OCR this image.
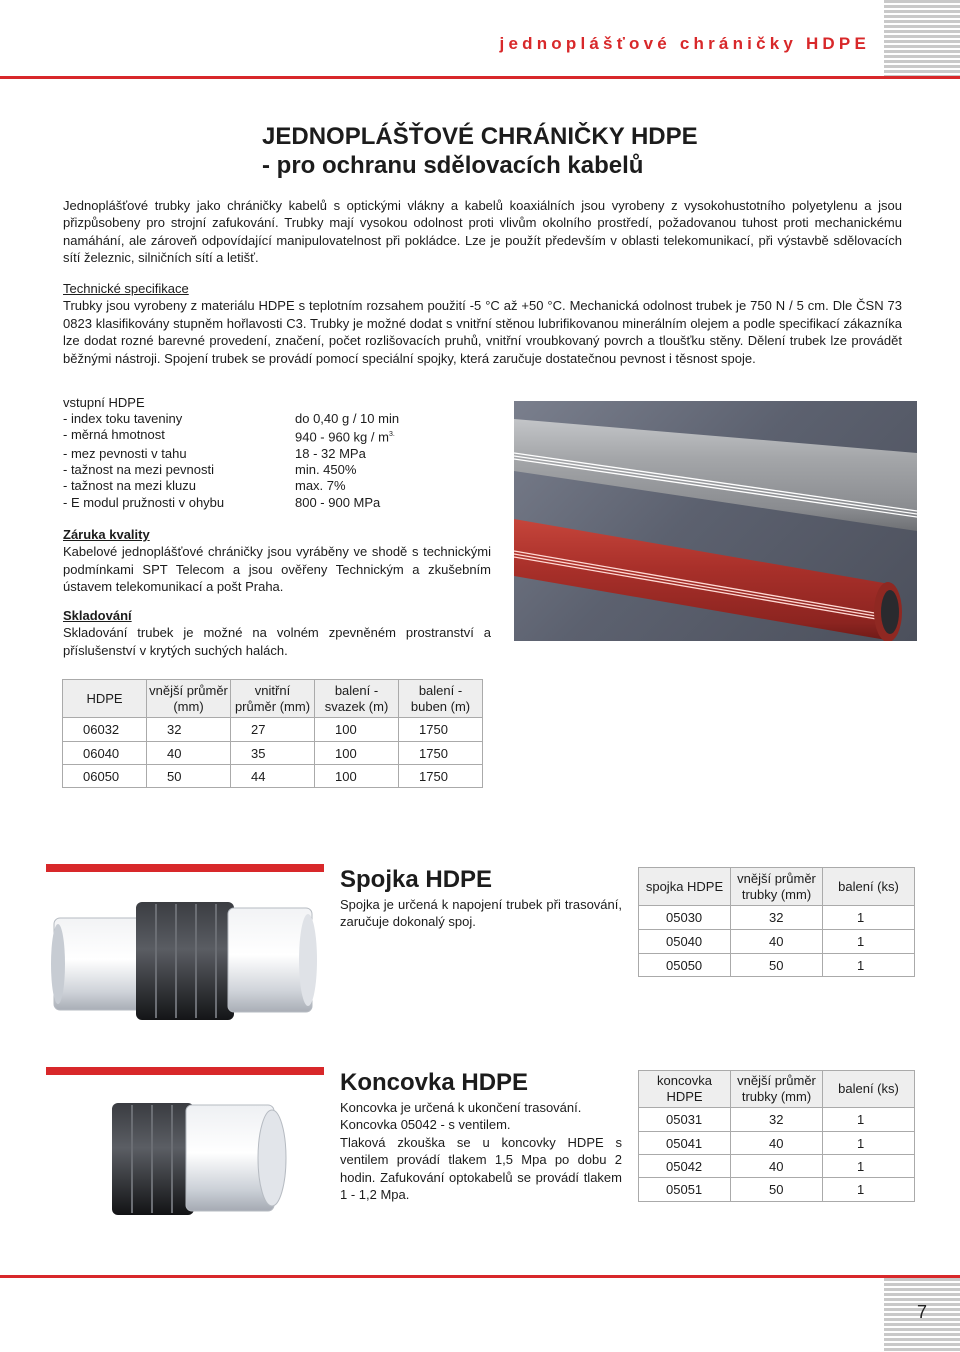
jednoplášťové chráničky HDPE
JEDNOPLÁŠŤOVÉ CHRÁNIČKY HDPE
- pro ochranu sdělovacích kabelů
Jednoplášťové trubky jako chráničky kabelů s optickými vlákny a kabelů koaxiálních jsou vyrobeny z vysokohustotního polyetylenu a jsou přizpůsobeny pro strojní zafukování. Trubky mají vysokou odolnost proti vlivům okolního prostředí, požadovanou tuhost proti mechanickému namáhání, ale zároveň odpovídající manipulovatelnost při pokládce. Lze je použít především v oblasti telekomunikací, při výstavbě sdělovacích sítí železnic, silničních sítí a letišť.
Technické specifikace
Trubky jsou vyrobeny z materiálu HDPE s teplotním rozsahem použití -5 °C až +50 °C. Mechanická odolnost trubek je 750 N / 5 cm. Dle ČSN 73 0823 klasifikovány stupněm hořlavosti C3. Trubky je možné dodat s vnitřní stěnou lubrifikovanou minerálním olejem a podle specifikací zákazníka lze dodat rozné barevné provedení, značení, počet rozlišovacích pruhů, vnitřní vroubkovaný povrch a tloušťku stěny. Dělení trubek lze provádět běžnými nástroji. Spojení trubek se provádí pomocí speciální spojky, která zaručuje dostatečnou pevnost i těsnost spoje.
vstupní HDPE
- index toku taveniny	do 0,40 g / 10 min
- měrná hmotnost	940 - 960 kg / $m^{3.}$
- mez pevnosti v tahu	18 - 32 MPa
- tažnost na mezi pevnosti	min. 450%
- tažnost na mezi kluzu	max. 7%
- E modul pružnosti v ohybu	800 - 900 MPa
Záruka kvality
Kabelové jednoplášťové chráničky jsou vyráběny ve shodě s technickými podmínkami SPT Telecom a jsou ověřeny Technickým a zkušebním ústavem telekomunikací a pošt Praha.
Skladování
Skladování trubek je možné na volném zpevněném prostranství a příslušenství v krytých suchých halách.
HDPE	vnější průměr (mm)	vnitřní průměr (mm)	balení - svazek (m)	balení - buben (m)
06032	32	27	100	1750
06040	40	35	100	1750
06050	50	44	100	1750
Spojka HDPE
Spojka je určená k napojení trubek při trasování, zaručuje dokonalý spoj.
spojka HDPE	vnější průměr trubky (mm)	balení (ks)
05030	32	1
05040	40	1
05050	50	1
Koncovka HDPE
Koncovka je určená k ukončení trasování.
Koncovka 05042 - s ventilem.
Tlaková zkouška se u koncovky HDPE s ventilem provádí tlakem 1,5 Mpa po dobu 2 hodin. Zafukování optokabelů se provádí tlakem 1 - 1,2 Mpa.
koncovka HDPE	vnější průměr trubky (mm)	balení (ks)
05031	32	1
05041	40	1
05042	40	1
05051	50	1
7
